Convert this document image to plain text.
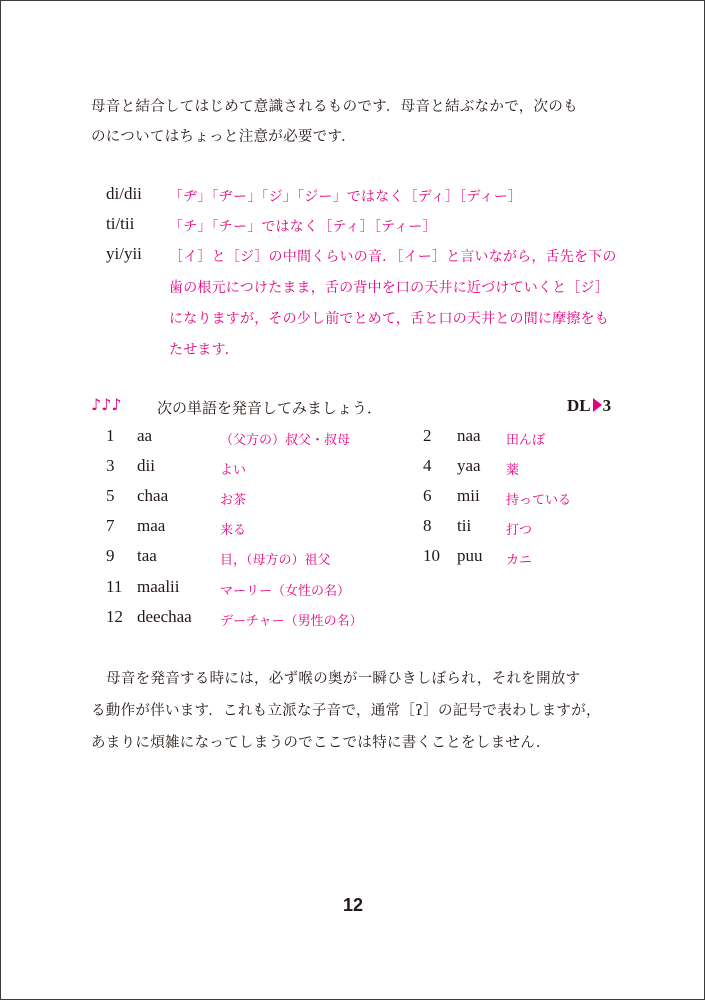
母音と結合してはじめて意識されるものです．母音と結ぶなかで，次のも
のについてはちょっと注意が必要です．
di/dii 「ヂ」「ヂー」「ジ」「ジー」ではなく［ディ］［ディー］
ti/tii 「チ」「チー」ではなく［ティ］［ティー］
yi/yii ［イ］と［ジ］の中間くらいの音．［イー］と言いながら，舌先を下の
歯の根元につけたまま，舌の背中を口の天井に近づけていくと［ジ］
になりますが，その少し前でとめて，舌と口の天井との間に摩擦をも
たせます．
♪♪♪ 次の単語を発音してみましょう．	DL 3
1 aa	（父方の）叔父・叔母
3 dii	よい
5 chaa	お茶
7 maa	来る
9 taa	目，（母方の）祖父
11 maalii	マーリー（女性の名）
12 deechaa デーチャー（男性の名）
2 naa 田んぼ
4 yaa 薬
6 mii 持っている
8 tii	打つ
10 puu カニ
母音を発音する時には，必ず喉の奥が一瞬ひきしぼられ，それを開放す
る動作が伴います．これも立派な子音で，通常［ʔ］の記号で表わしますが，
あまりに煩雑になってしまうのでここでは特に書くことをしません．
12
